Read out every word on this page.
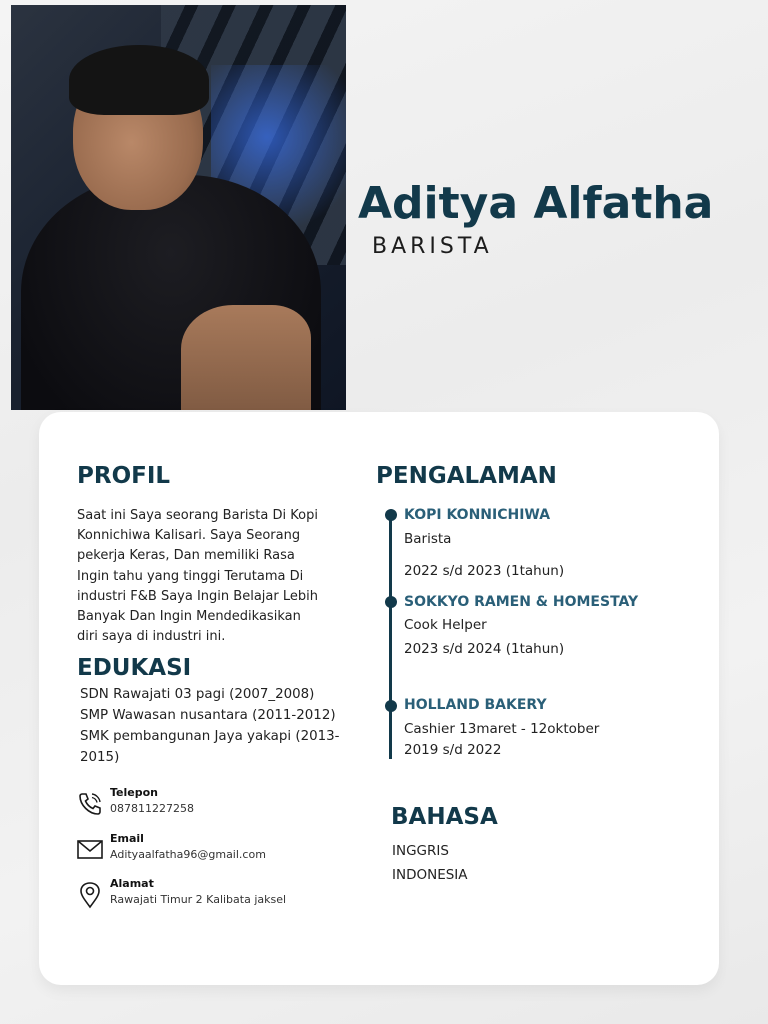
Aditya Alfatha
BARISTA
PROFIL
Saat ini Saya seorang Barista Di Kopi
Konnichiwa Kalisari. Saya Seorang
pekerja Keras, Dan memiliki Rasa
Ingin tahu yang tinggi Terutama Di
industri F&B Saya Ingin Belajar Lebih
Banyak Dan Ingin Mendedikasikan
diri saya di industri ini.
EDUKASI
SDN Rawajati 03 pagi (2007_2008)
SMP Wawasan nusantara (2011-2012)
SMK pembangunan Jaya yakapi (2013-2015)
Telepon
087811227258
Email
Adityaalfatha96@gmail.com
Alamat
Rawajati Timur 2 Kalibata jaksel
PENGALAMAN
KOPI KONNICHIWA
Barista
2022 s/d 2023 (1tahun)
SOKKYO RAMEN & HOMESTAY
Cook Helper
2023 s/d 2024 (1tahun)
HOLLAND BAKERY
Cashier 13maret - 12oktober
2019 s/d 2022
BAHASA
INGGRIS
INDONESIA
